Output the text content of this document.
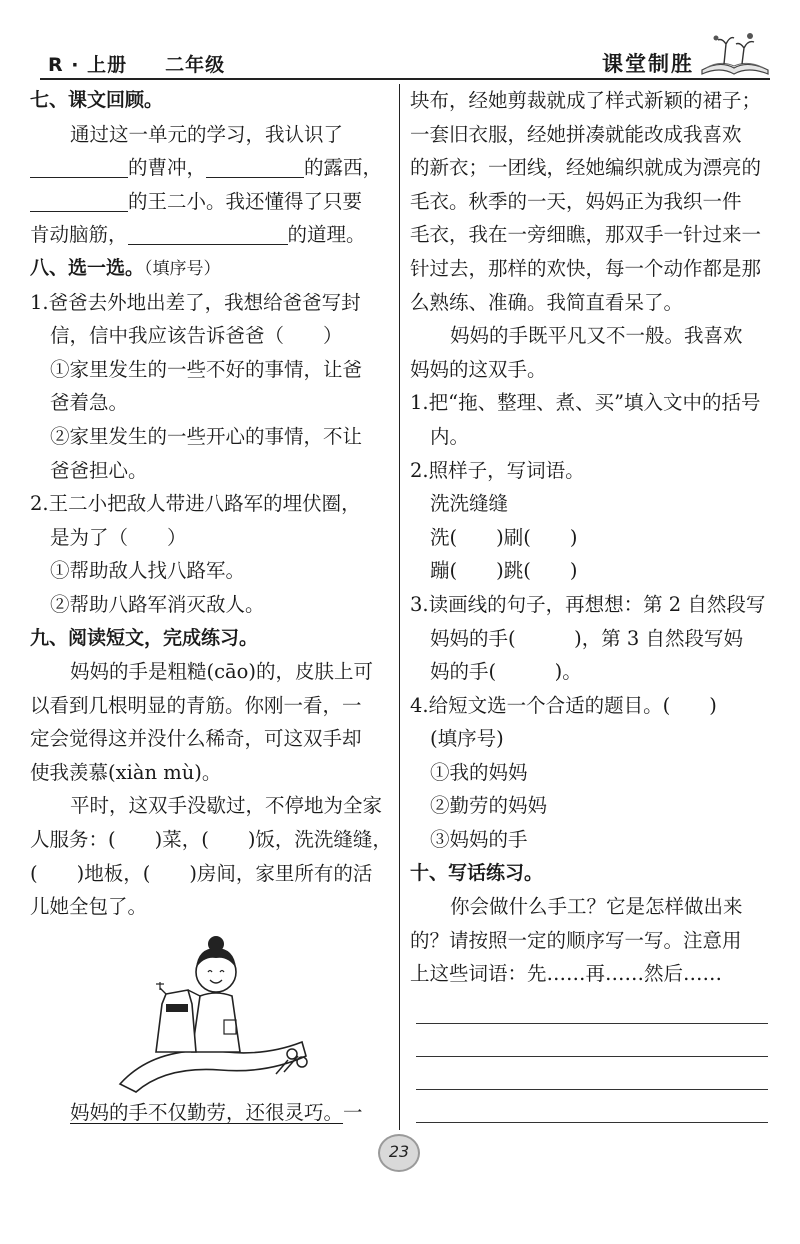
R · 上册 二年级	课堂制胜
七、课文回顾。
通过这一单元的学习，我认识了
的曹冲，	的露西，
的王二小。我还懂得了只要
肯动脑筋，	的道理。
八、选一选。（填序号）
1.爸爸去外地出差了，我想给爸爸写封
信，信中我应该告诉爸爸（　　）
①家里发生的一些不好的事情，让爸
爸着急。
②家里发生的一些开心的事情，不让
爸爸担心。
2.王二小把敌人带进八路军的埋伏圈，
是为了（　　）
①帮助敌人找八路军。
②帮助八路军消灭敌人。
九、阅读短文，完成练习。
妈妈的手是粗糙(cāo)的，皮肤上可
以看到几根明显的青筋。你刚一看，一
定会觉得这并没什么稀奇，可这双手却
使我羡慕(xiàn mù)。
平时，这双手没歇过，不停地为全家
人服务：(　　)菜，(　　)饭，洗洗缝缝，
(　　)地板，(　　)房间，家里所有的活
儿她全包了。
妈妈的手不仅勤劳，还很灵巧。一
块布，经她剪裁就成了样式新颖的裙子；
一套旧衣服，经她拼凑就能改成我喜欢
的新衣；一团线，经她编织就成为漂亮的
毛衣。秋季的一天，妈妈正为我织一件
毛衣，我在一旁细瞧，那双手一针过来一
针过去，那样的欢快，每一个动作都是那
么熟练、准确。我简直看呆了。
妈妈的手既平凡又不一般。我喜欢
妈妈的这双手。
1.把“拖、整理、煮、买”填入文中的括号
内。
2.照样子，写词语。
洗洗缝缝
洗(　　)刷(　　)
蹦(　　)跳(　　)
3.读画线的句子，再想想：第 2 自然段写
妈妈的手(　　　)，第 3 自然段写妈
妈的手(　　　)。
4.给短文选一个合适的题目。(　　)
(填序号)
①我的妈妈
②勤劳的妈妈
③妈妈的手
十、写话练习。
你会做什么手工？它是怎样做出来
的？请按照一定的顺序写一写。注意用
上这些词语：先……再……然后……
23
